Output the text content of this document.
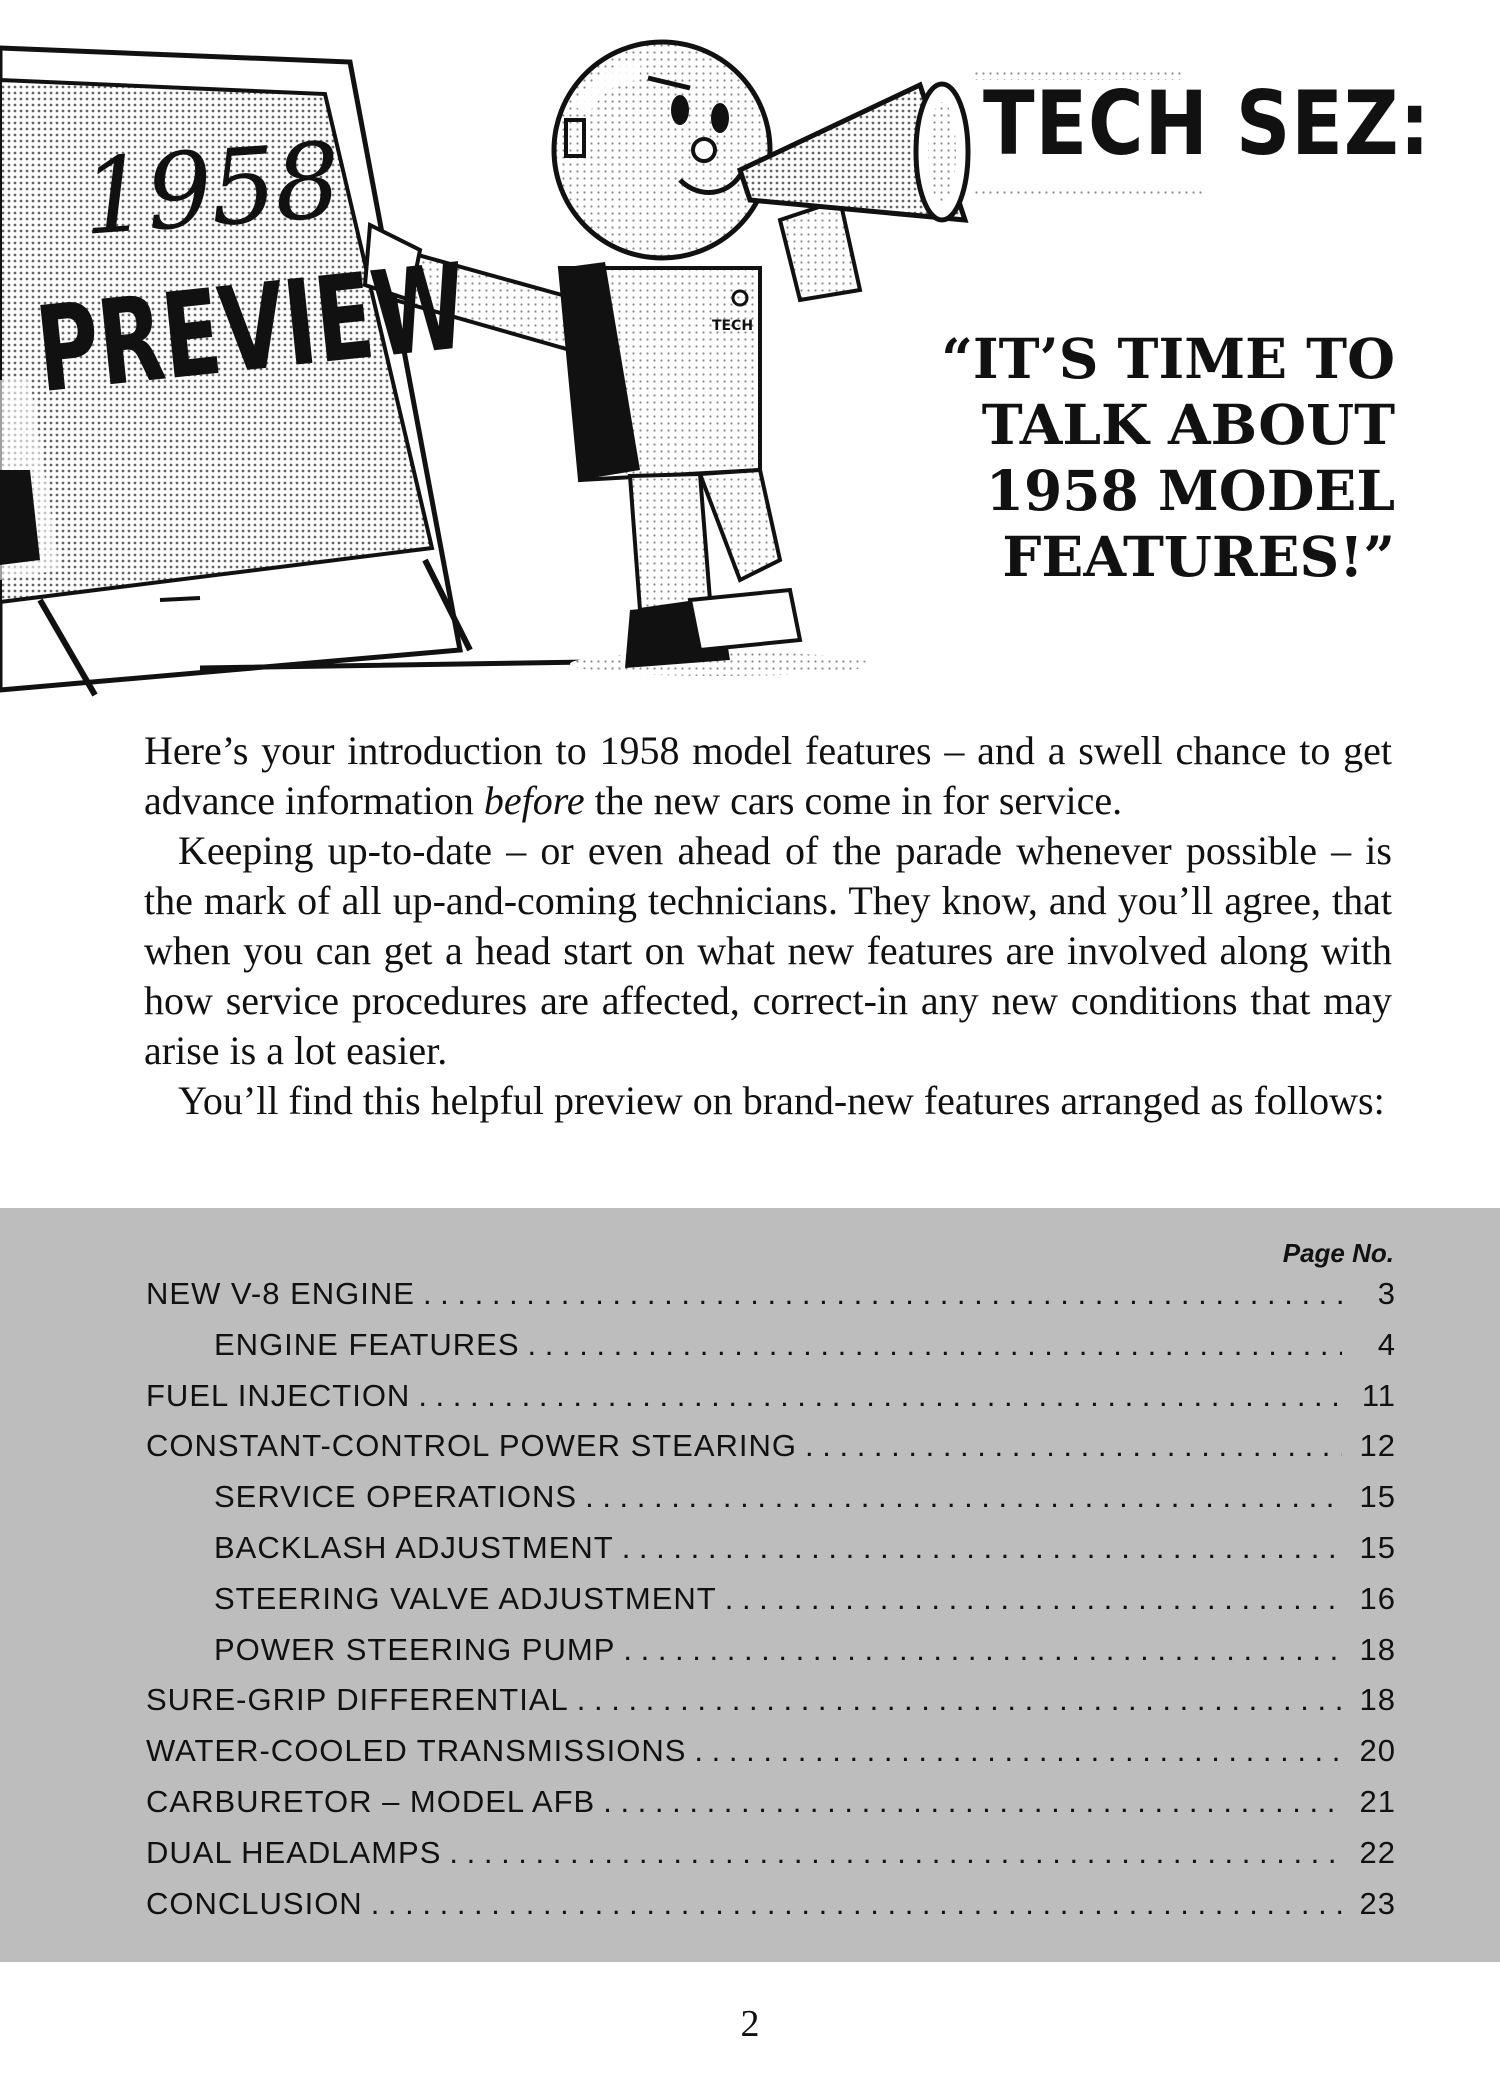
TECH
1958
PREVIEW
TECH SEZ:
“IT’S TIME TO
TALK ABOUT
1958 MODEL
FEATURES!”

Here’s your introduction to 1958 model features – and a swell chance to get advance information before the new cars come in for service.

Keeping up-to-date – or even ahead of the parade whenever possible – is the mark of all up-and-coming technicians. They know, and you’ll agree, that when you can get a head start on what new features are involved along with how service procedures are affected, correct-in any new conditions that may arise is a lot easier.

You’ll find this helpful preview on brand-new features arranged as follows:

Page No.
NEW V-8 ENGINE . . .	3
ENGINE FEATURES . . .	4
FUEL INJECTION . . .	11
CONSTANT-CONTROL POWER STEARING . . .	12
SERVICE OPERATIONS . . .	15
BACKLASH ADJUSTMENT . . .	15
STEERING VALVE ADJUSTMENT . . .	16
POWER STEERING PUMP . . .	18
SURE-GRIP DIFFERENTIAL . . .	18
WATER-COOLED TRANSMISSIONS . . .	20
CARBURETOR – MODEL AFB . . .	21
DUAL HEADLAMPS . . .	22
CONCLUSION . . .	23
2
